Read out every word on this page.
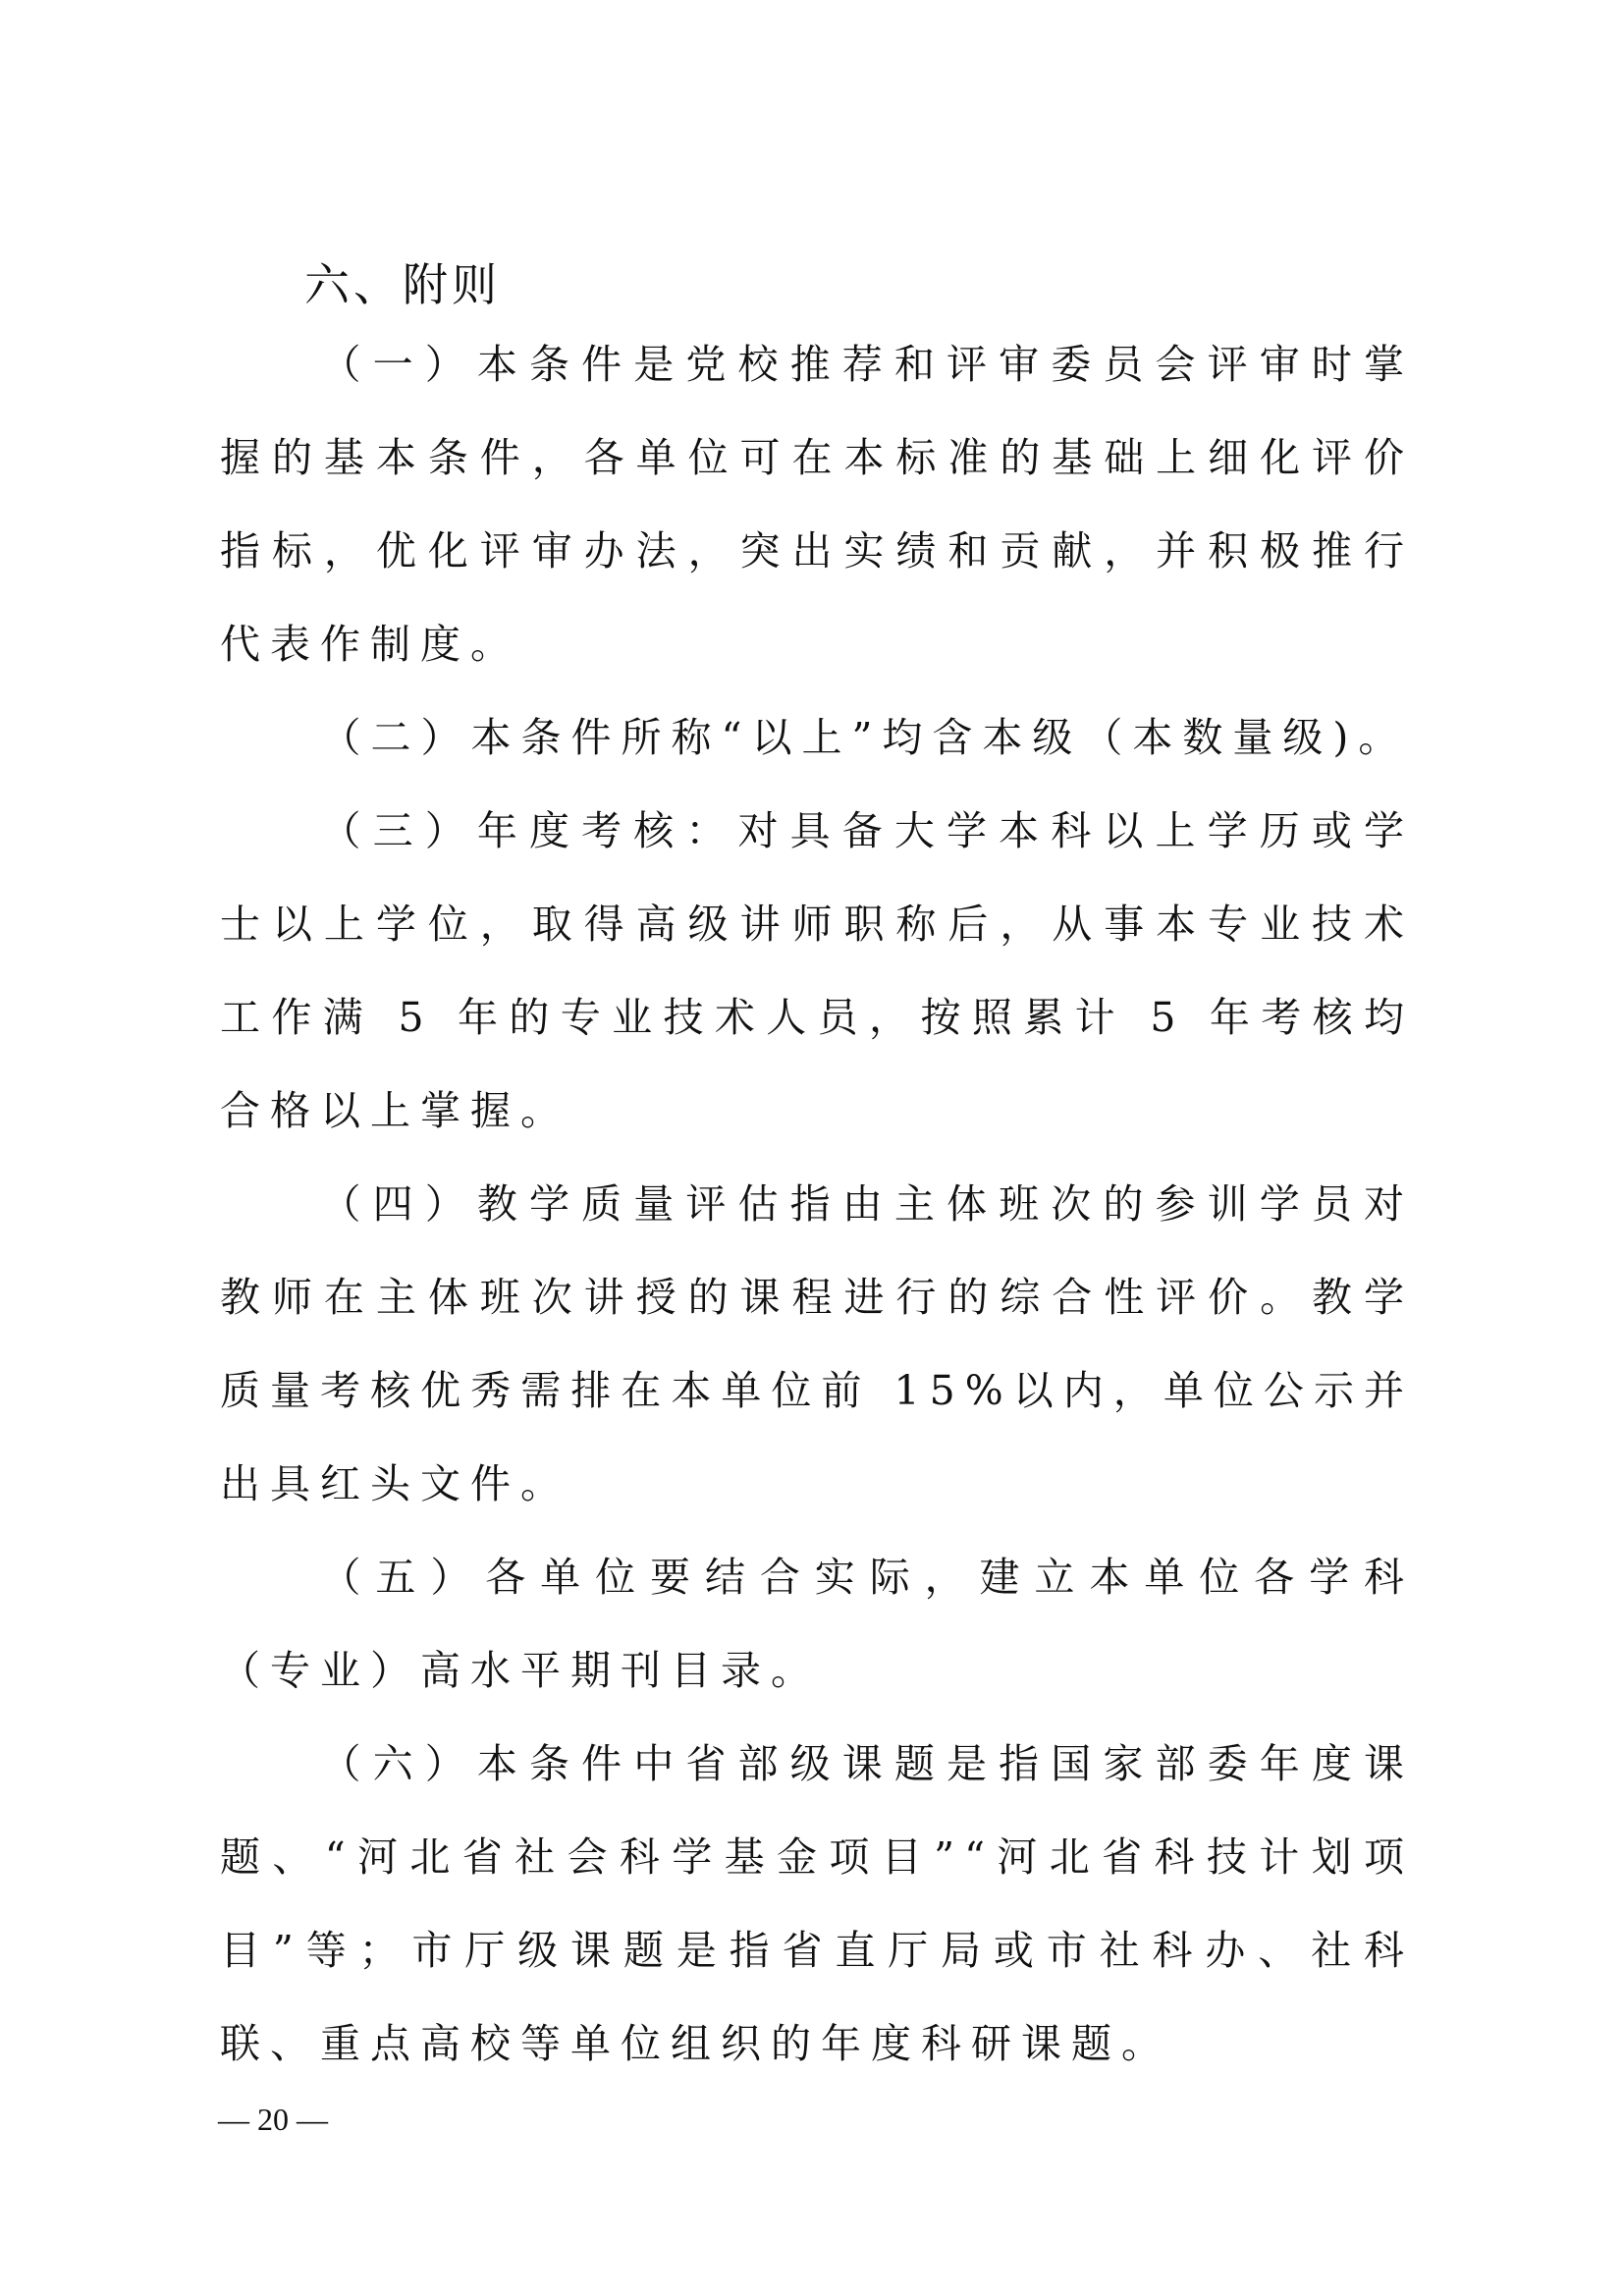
六、附则

（一）本条件是党校推荐和评审委员会评审时掌握的基本条件，各单位可在本标准的基础上细化评价指标，优化评审办法，突出实绩和贡献，并积极推行代表作制度。

（二）本条件所称“以上”均含本级（本数量级)。

（三）年度考核：对具备大学本科以上学历或学士以上学位，取得高级讲师职称后，从事本专业技术工作满 5 年的专业技术人员，按照累计 5 年考核均合格以上掌握。

（四）教学质量评估指由主体班次的参训学员对教师在主体班次讲授的课程进行的综合性评价。教学质量考核优秀需排在本单位前 15%以内，单位公示并出具红头文件。

（五）各单位要结合实际，建立本单位各学科（专业）高水平期刊目录。

（六）本条件中省部级课题是指国家部委年度课题、“河北省社会科学基金项目”“河北省科技计划项目”等；市厅级课题是指省直厅局或市社科办、社科联、重点高校等单位组织的年度科研课题。

— 20 —
